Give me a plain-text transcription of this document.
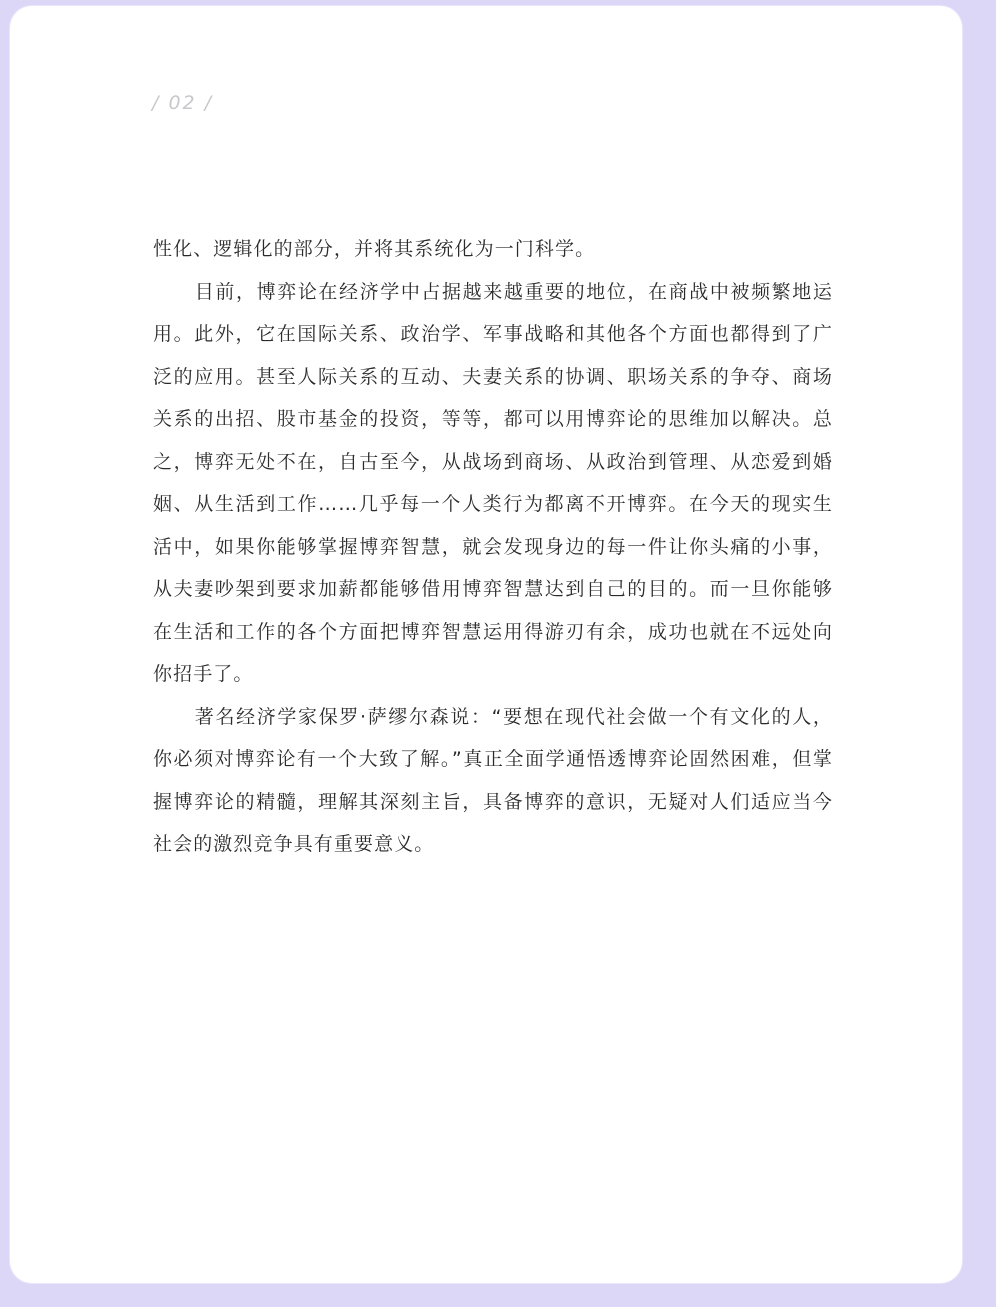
/ 02 /

性化、逻辑化的部分，并将其系统化为一门科学。

目前，博弈论在经济学中占据越来越重要的地位，在商战中被频繁地运用。此外，它在国际关系、政治学、军事战略和其他各个方面也都得到了广泛的应用。甚至人际关系的互动、夫妻关系的协调、职场关系的争夺、商场关系的出招、股市基金的投资，等等，都可以用博弈论的思维加以解决。总之，博弈无处不在，自古至今，从战场到商场、从政治到管理、从恋爱到婚姻、从生活到工作……几乎每一个人类行为都离不开博弈。在今天的现实生活中，如果你能够掌握博弈智慧，就会发现身边的每一件让你头痛的小事，从夫妻吵架到要求加薪都能够借用博弈智慧达到自己的目的。而一旦你能够在生活和工作的各个方面把博弈智慧运用得游刃有余，成功也就在不远处向你招手了。

著名经济学家保罗·萨缪尔森说：“要想在现代社会做一个有文化的人，你必须对博弈论有一个大致了解。”真正全面学通悟透博弈论固然困难，但掌握博弈论的精髓，理解其深刻主旨，具备博弈的意识，无疑对人们适应当今社会的激烈竞争具有重要意义。
